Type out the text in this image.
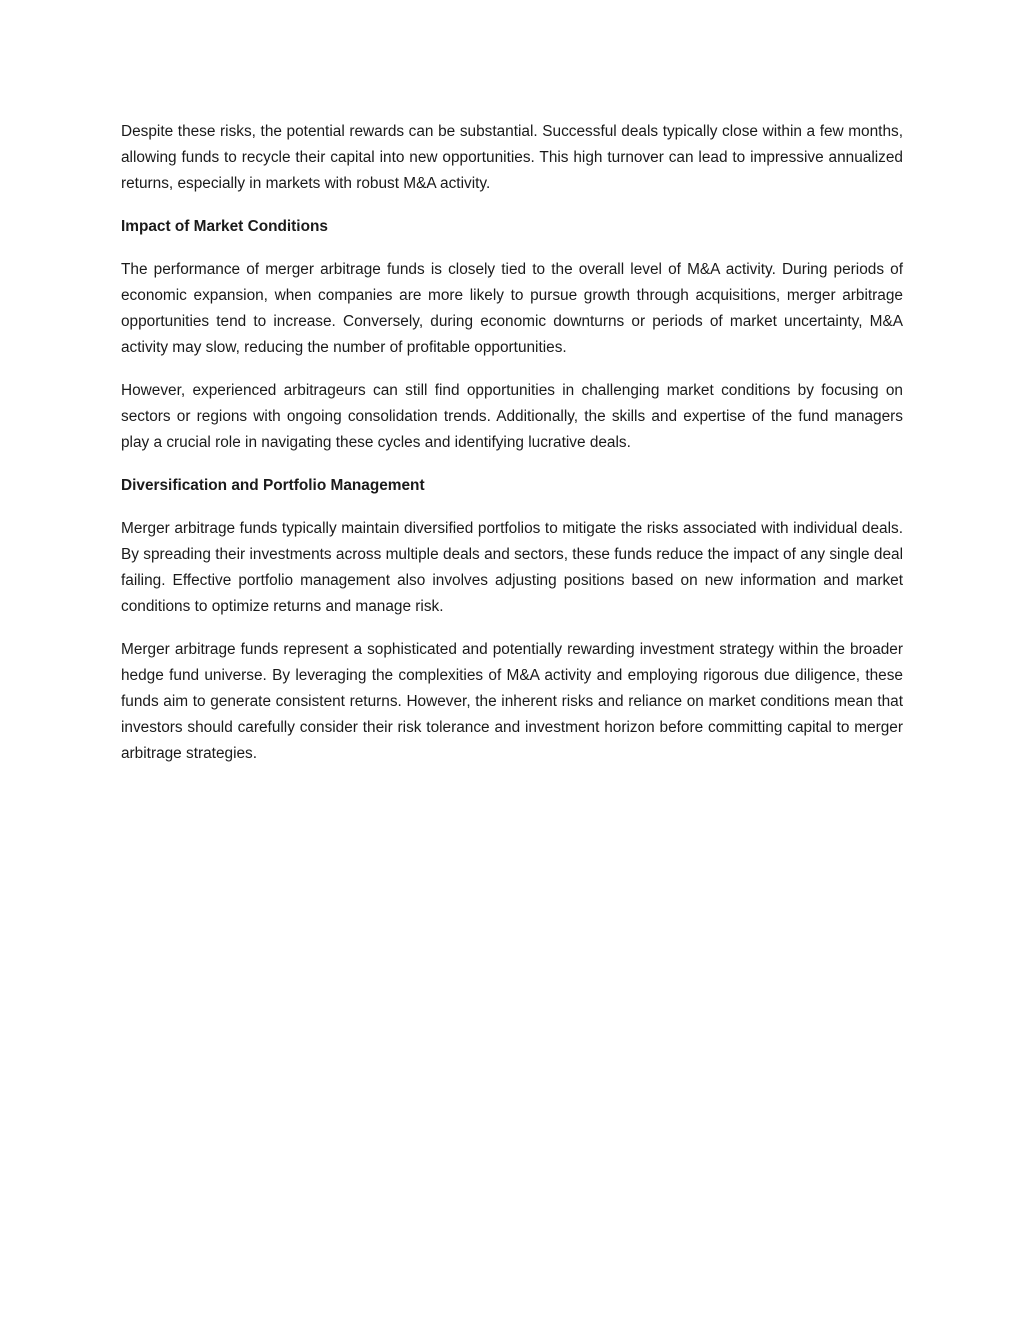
Despite these risks, the potential rewards can be substantial. Successful deals typically close within a few months, allowing funds to recycle their capital into new opportunities. This high turnover can lead to impressive annualized returns, especially in markets with robust M&A activity.

Impact of Market Conditions

The performance of merger arbitrage funds is closely tied to the overall level of M&A activity. During periods of economic expansion, when companies are more likely to pursue growth through acquisitions, merger arbitrage opportunities tend to increase. Conversely, during economic downturns or periods of market uncertainty, M&A activity may slow, reducing the number of profitable opportunities.

However, experienced arbitrageurs can still find opportunities in challenging market conditions by focusing on sectors or regions with ongoing consolidation trends. Additionally, the skills and expertise of the fund managers play a crucial role in navigating these cycles and identifying lucrative deals.

Diversification and Portfolio Management

Merger arbitrage funds typically maintain diversified portfolios to mitigate the risks associated with individual deals. By spreading their investments across multiple deals and sectors, these funds reduce the impact of any single deal failing. Effective portfolio management also involves adjusting positions based on new information and market conditions to optimize returns and manage risk.

Merger arbitrage funds represent a sophisticated and potentially rewarding investment strategy within the broader hedge fund universe. By leveraging the complexities of M&A activity and employing rigorous due diligence, these funds aim to generate consistent returns. However, the inherent risks and reliance on market conditions mean that investors should carefully consider their risk tolerance and investment horizon before committing capital to merger arbitrage strategies.
